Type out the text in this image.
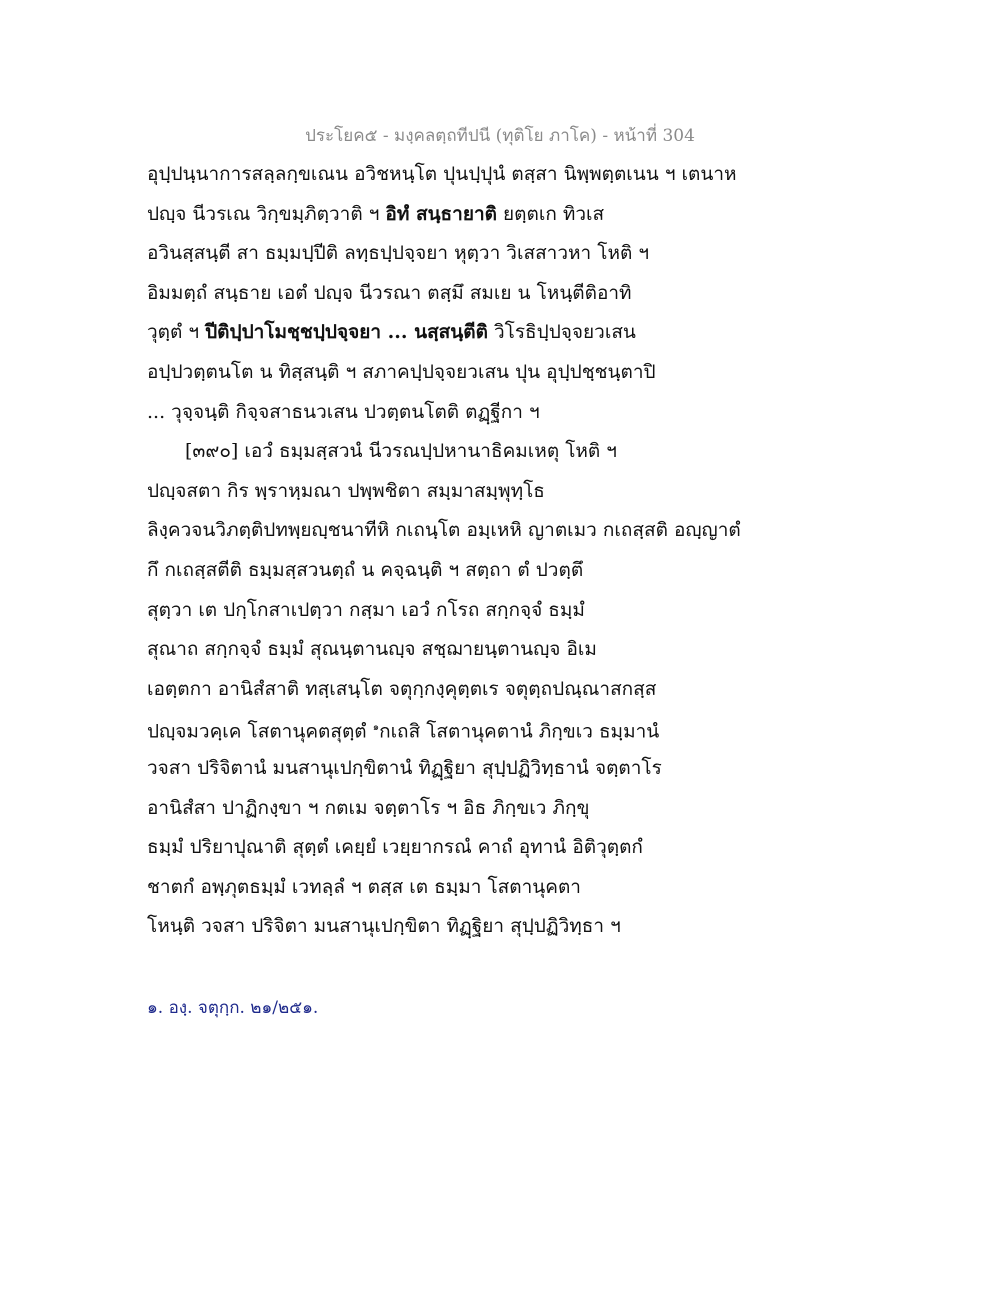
ประโยค๕ - มงฺคลตฺถทีปนี (ทุติโย ภาโค) - หน้าที่ 304
อุปฺปนฺนาการสลฺลกฺขเณน อวิชหนฺโต ปุนปฺปุนํ ตสฺสา นิพฺพตฺตเนน ฯ เตนาห
ปญฺจ นีวรเณ วิกฺขมฺภิตฺวาติ ฯ อิทํ สนฺธายาติ ยตฺตเก ทิวเส
อวินสฺสนฺตี สา ธมฺมปฺปีติ ลทฺธปฺปจฺจยา หุตฺวา วิเสสาวหา โหติ ฯ
อิมมตฺถํ สนฺธาย เอตํ ปญฺจ นีวรณา ตสฺมึ สมเย น โหนฺตีติอาทิ
วุตฺตํ ฯ ปีติปฺปาโมชฺชปฺปจฺจยา ... นสฺสนฺตีติ วิโรธิปฺปจฺจยวเสน
อปฺปวตฺตนโต น ทิสฺสนฺติ ฯ สภาคปฺปจฺจยวเสน ปุน อุปฺปชฺชนฺตาปิ
... วุจฺจนฺติ กิจฺจสาธนวเสน ปวตฺตนโตติ ตฏฺฐีกา ฯ
[๓๙๐] เอวํ ธมฺมสฺสวนํ นีวรณปฺปหานาธิคมเหตุ โหติ ฯ
ปญฺจสตา กิร พฺราหฺมณา ปพฺพชิตา สมฺมาสมฺพุทฺโธ
ลิงฺควจนวิภตฺติปทพฺยญฺชนาทีหิ กเถนฺโต อมฺเหหิ ญาตเมว กเถสฺสติ อญฺญาตํ
กึ กเถสฺสตีติ ธมฺมสฺสวนตฺถํ น คจฺฉนฺติ ฯ สตฺถา ตํ ปวตฺตึ
สุตฺวา เต ปกฺโกสาเปตฺวา กสฺมา เอวํ กโรถ สกฺกจฺจํ ธมฺมํ
สุณาถ สกฺกจฺจํ ธมฺมํ สุณนฺตานญฺจ สชฺฌายนฺตานญฺจ อิเม
เอตฺตกา อานิสํสาติ ทสฺเสนฺโต จตุกฺกงฺคุตฺตเร จตุตฺถปณฺณาสกสฺส
ปญฺจมวคฺเค โสตานุคตสุตฺตํ $^๑$กเถสิ โสตานุคตานํ ภิกฺขเว ธมฺมานํ
วจสา ปริจิตานํ มนสานุเปกฺขิตานํ ทิฏฺฐิยา สุปฺปฏิวิทฺธานํ จตฺตาโร
อานิสํสา ปาฏิกงฺขา ฯ กตเม จตฺตาโร ฯ อิธ ภิกฺขเว ภิกฺขุ
ธมฺมํ ปริยาปุณาติ สุตฺตํ เคยฺยํ เวยฺยากรณํ คาถํ อุทานํ อิติวุตฺตกํ
ชาตกํ อพฺภุตธมฺมํ เวทลฺลํ ฯ ตสฺส เต ธมฺมา โสตานุคตา
โหนฺติ วจสา ปริจิตา มนสานุเปกฺขิตา ทิฏฺฐิยา สุปฺปฏิวิทฺธา ฯ
๑. องฺ. จตุกฺก. ๒๑/๒๕๑.
